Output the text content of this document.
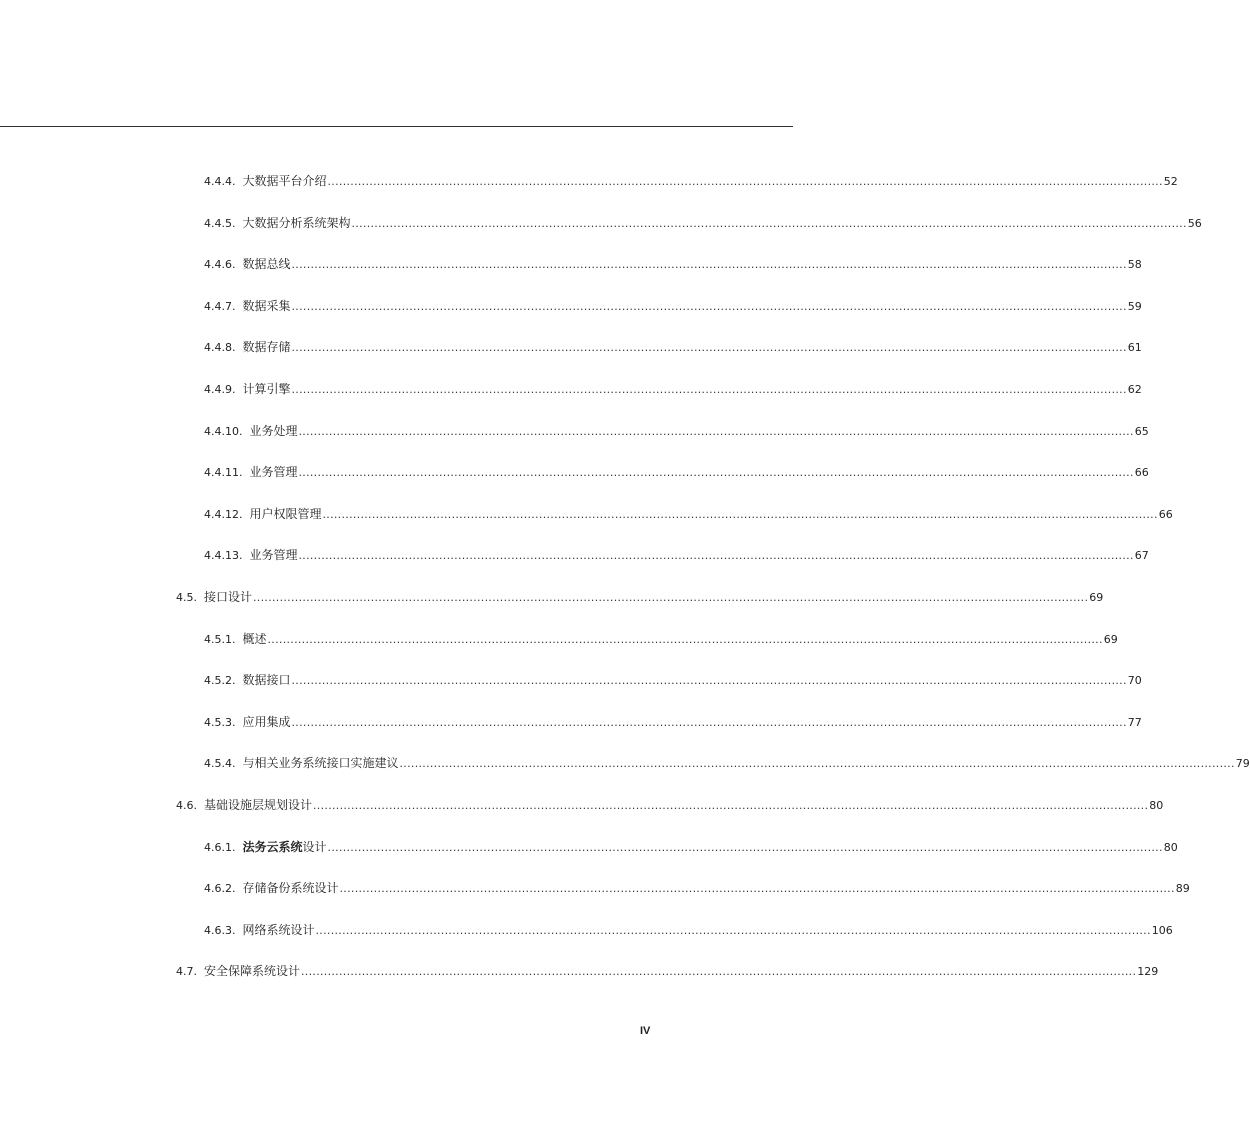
4.4.4. 大数据平台介绍 ............................................................................................................................................................................................................................ 52
4.4.5. 大数据分析系统架构 ............................................................................................................................................................................................................................ 56
4.4.6. 数据总线 ............................................................................................................................................................................................................................ 58
4.4.7. 数据采集 ............................................................................................................................................................................................................................ 59
4.4.8. 数据存储 ............................................................................................................................................................................................................................ 61
4.4.9. 计算引擎 ............................................................................................................................................................................................................................ 62
4.4.10. 业务处理 ............................................................................................................................................................................................................................ 65
4.4.11. 业务管理 ............................................................................................................................................................................................................................ 66
4.4.12. 用户权限管理 ............................................................................................................................................................................................................................ 66
4.4.13. 业务管理 ............................................................................................................................................................................................................................ 67
4.5. 接口设计 ............................................................................................................................................................................................................................ 69
4.5.1. 概述 ............................................................................................................................................................................................................................ 69
4.5.2. 数据接口 ............................................................................................................................................................................................................................ 70
4.5.3. 应用集成 ............................................................................................................................................................................................................................ 77
4.5.4. 与相关业务系统接口实施建议 ............................................................................................................................................................................................................................ 79
4.6. 基础设施层规划设计 ............................................................................................................................................................................................................................ 80
4.6.1. 法务云系统设计 ............................................................................................................................................................................................................................ 80
4.6.2. 存储备份系统设计 ............................................................................................................................................................................................................................ 89
4.6.3. 网络系统设计 ............................................................................................................................................................................................................................ 106
4.7. 安全保障系统设计 ............................................................................................................................................................................................................................ 129
IV
